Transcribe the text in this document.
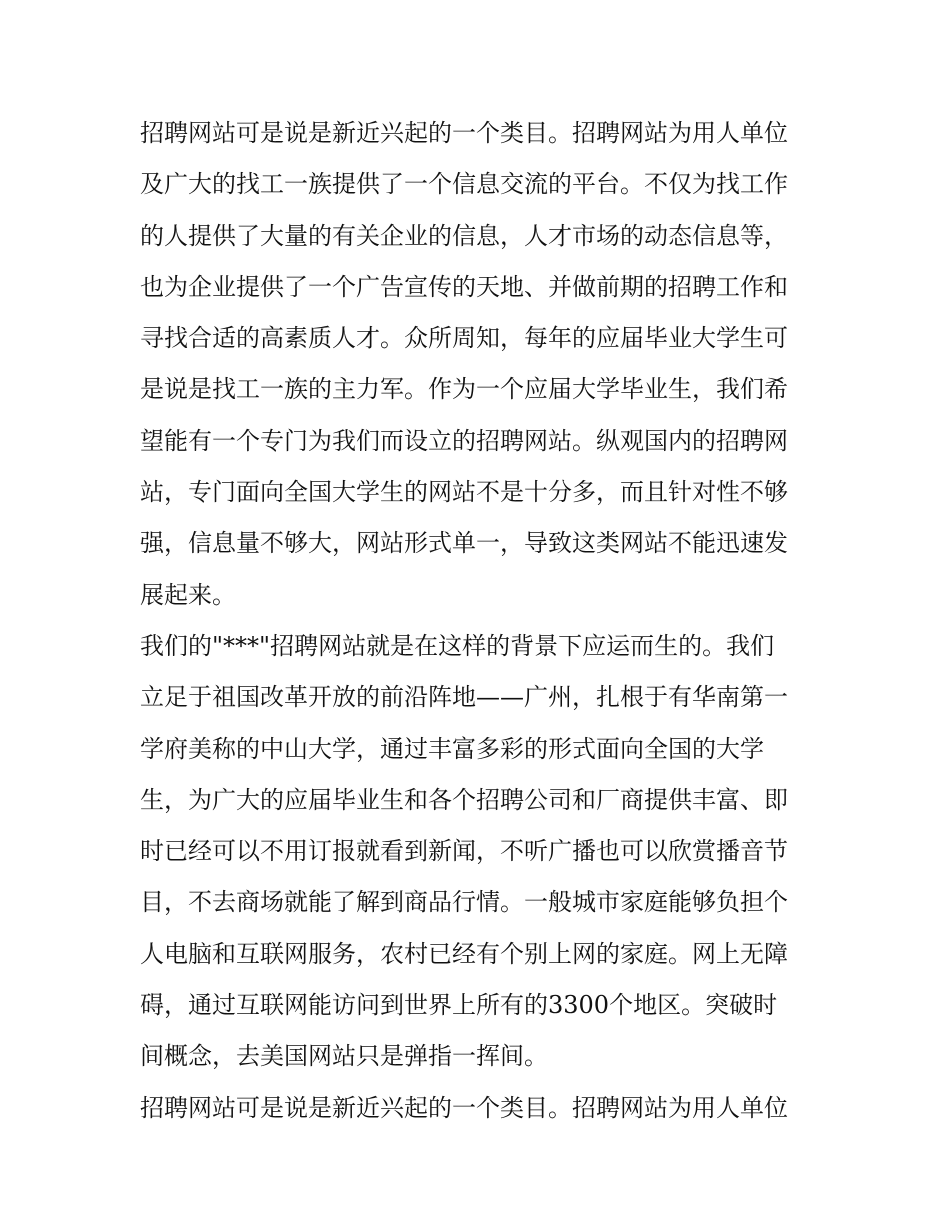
招聘网站可是说是新近兴起的一个类目。招聘网站为用人单位
及广大的找工一族提供了一个信息交流的平台。不仅为找工作
的人提供了大量的有关企业的信息，人才市场的动态信息等，
也为企业提供了一个广告宣传的天地、并做前期的招聘工作和
寻找合适的高素质人才。众所周知，每年的应届毕业大学生可
是说是找工一族的主力军。作为一个应届大学毕业生，我们希
望能有一个专门为我们而设立的招聘网站。纵观国内的招聘网
站，专门面向全国大学生的网站不是十分多，而且针对性不够
强，信息量不够大，网站形式单一，导致这类网站不能迅速发
展起来。
我们的"***"招聘网站就是在这样的背景下应运而生的。我们
立足于祖国改革开放的前沿阵地——广州，扎根于有华南第一
学府美称的中山大学，通过丰富多彩的形式面向全国的大学
生，为广大的应届毕业生和各个招聘公司和厂商提供丰富、即
时已经可以不用订报就看到新闻，不听广播也可以欣赏播音节
目，不去商场就能了解到商品行情。一般城市家庭能够负担个
人电脑和互联网服务，农村已经有个别上网的家庭。网上无障
碍，通过互联网能访问到世界上所有的3300个地区。突破时
间概念，去美国网站只是弹指一挥间。
招聘网站可是说是新近兴起的一个类目。招聘网站为用人单位
